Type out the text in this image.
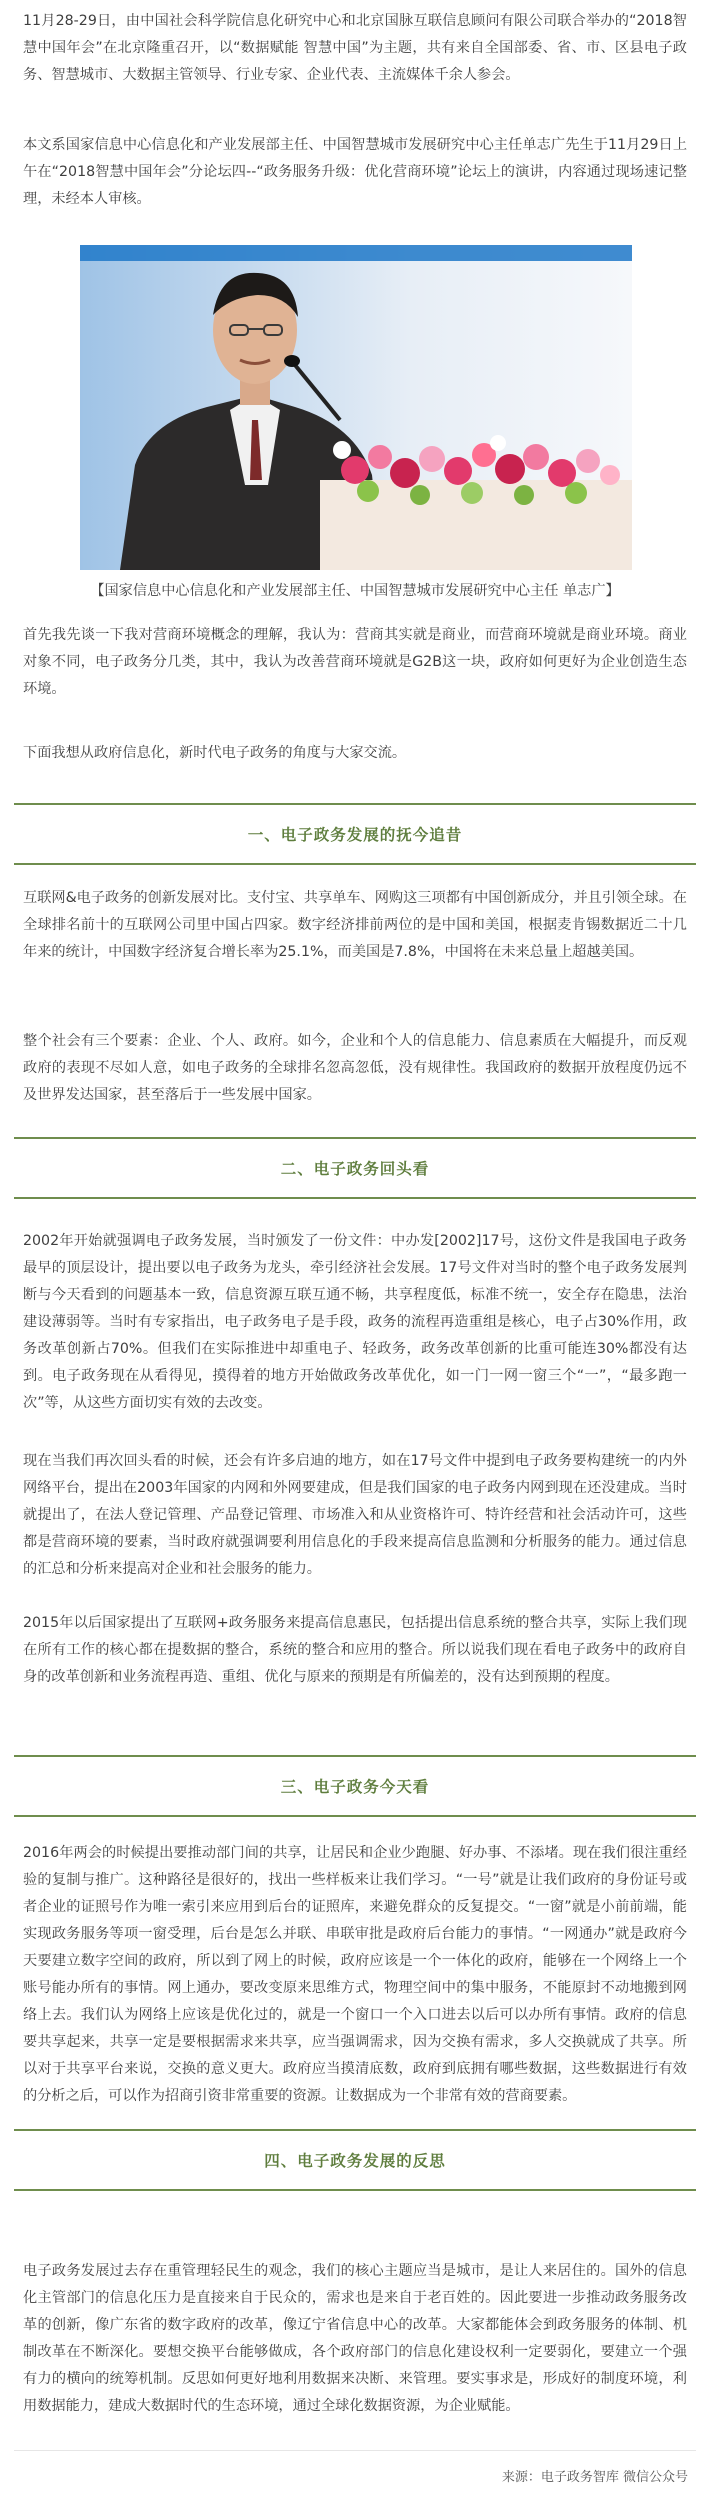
11月28-29日，由中国社会科学院信息化研究中心和北京国脉互联信息顾问有限公司联合举办的“2018智慧中国年会”在北京隆重召开，以“数据赋能 智慧中国”为主题，共有来自全国部委、省、市、区县电子政务、智慧城市、大数据主管领导、行业专家、企业代表、主流媒体千余人参会。

本文系国家信息中心信息化和产业发展部主任、中国智慧城市发展研究中心主任单志广先生于11月29日上午在“2018智慧中国年会”分论坛四--“政务服务升级：优化营商环境”论坛上的演讲，内容通过现场速记整理，未经本人审核。

【国家信息中心信息化和产业发展部主任、中国智慧城市发展研究中心主任 单志广】

首先我先谈一下我对营商环境概念的理解，我认为：营商其实就是商业，而营商环境就是商业环境。商业对象不同，电子政务分几类，其中，我认为改善营商环境就是G2B这一块，政府如何更好为企业创造生态环境。

下面我想从政府信息化，新时代电子政务的角度与大家交流。

一、电子政务发展的抚今追昔

互联网&电子政务的创新发展对比。支付宝、共享单车、网购这三项都有中国创新成分，并且引领全球。在全球排名前十的互联网公司里中国占四家。数字经济排前两位的是中国和美国，根据麦肯锡数据近二十几年来的统计，中国数字经济复合增长率为25.1%，而美国是7.8%，中国将在未来总量上超越美国。

整个社会有三个要素：企业、个人、政府。如今，企业和个人的信息能力、信息素质在大幅提升，而反观政府的表现不尽如人意，如电子政务的全球排名忽高忽低，没有规律性。我国政府的数据开放程度仍远不及世界发达国家，甚至落后于一些发展中国家。

二、电子政务回头看

2002年开始就强调电子政务发展，当时颁发了一份文件：中办发[2002]17号，这份文件是我国电子政务最早的顶层设计，提出要以电子政务为龙头，牵引经济社会发展。17号文件对当时的整个电子政务发展判断与今天看到的问题基本一致，信息资源互联互通不畅，共享程度低，标准不统一，安全存在隐患，法治建设薄弱等。当时有专家指出，电子政务电子是手段，政务的流程再造重组是核心，电子占30%作用，政务改革创新占70%。但我们在实际推进中却重电子、轻政务，政务改革创新的比重可能连30%都没有达到。电子政务现在从看得见，摸得着的地方开始做政务改革优化，如一门一网一窗三个“一”，“最多跑一次”等，从这些方面切实有效的去改变。

现在当我们再次回头看的时候，还会有许多启迪的地方，如在17号文件中提到电子政务要构建统一的内外网络平台，提出在2003年国家的内网和外网要建成，但是我们国家的电子政务内网到现在还没建成。当时就提出了，在法人登记管理、产品登记管理、市场准入和从业资格许可、特许经营和社会活动许可，这些都是营商环境的要素，当时政府就强调要利用信息化的手段来提高信息监测和分析服务的能力。通过信息的汇总和分析来提高对企业和社会服务的能力。

2015年以后国家提出了互联网+政务服务来提高信息惠民，包括提出信息系统的整合共享，实际上我们现在所有工作的核心都在提数据的整合，系统的整合和应用的整合。所以说我们现在看电子政务中的政府自身的改革创新和业务流程再造、重组、优化与原来的预期是有所偏差的，没有达到预期的程度。

三、电子政务今天看

2016年两会的时候提出要推动部门间的共享，让居民和企业少跑腿、好办事、不添堵。现在我们很注重经验的复制与推广。这种路径是很好的，找出一些样板来让我们学习。“一号”就是让我们政府的身份证号或者企业的证照号作为唯一索引来应用到后台的证照库，来避免群众的反复提交。“一窗”就是小前前端，能实现政务服务等项一窗受理，后台是怎么并联、串联审批是政府后台能力的事情。“一网通办”就是政府今天要建立数字空间的政府，所以到了网上的时候，政府应该是一个一体化的政府，能够在一个网络上一个账号能办所有的事情。网上通办，要改变原来思维方式，物理空间中的集中服务，不能原封不动地搬到网络上去。我们认为网络上应该是优化过的，就是一个窗口一个入口进去以后可以办所有事情。政府的信息要共享起来，共享一定是要根据需求来共享，应当强调需求，因为交换有需求，多人交换就成了共享。所以对于共享平台来说，交换的意义更大。政府应当摸清底数，政府到底拥有哪些数据，这些数据进行有效的分析之后，可以作为招商引资非常重要的资源。让数据成为一个非常有效的营商要素。

四、电子政务发展的反思

电子政务发展过去存在重管理轻民生的观念，我们的核心主题应当是城市，是让人来居住的。国外的信息化主管部门的信息化压力是直接来自于民众的，需求也是来自于老百姓的。因此要进一步推动政务服务改革的创新，像广东省的数字政府的改革，像辽宁省信息中心的改革。大家都能体会到政务服务的体制、机制改革在不断深化。要想交换平台能够做成，各个政府部门的信息化建设权利一定要弱化，要建立一个强有力的横向的统筹机制。反思如何更好地利用数据来决断、来管理。要实事求是，形成好的制度环境，利用数据能力，建成大数据时代的生态环境，通过全球化数据资源，为企业赋能。

来源：电子政务智库 微信公众号
